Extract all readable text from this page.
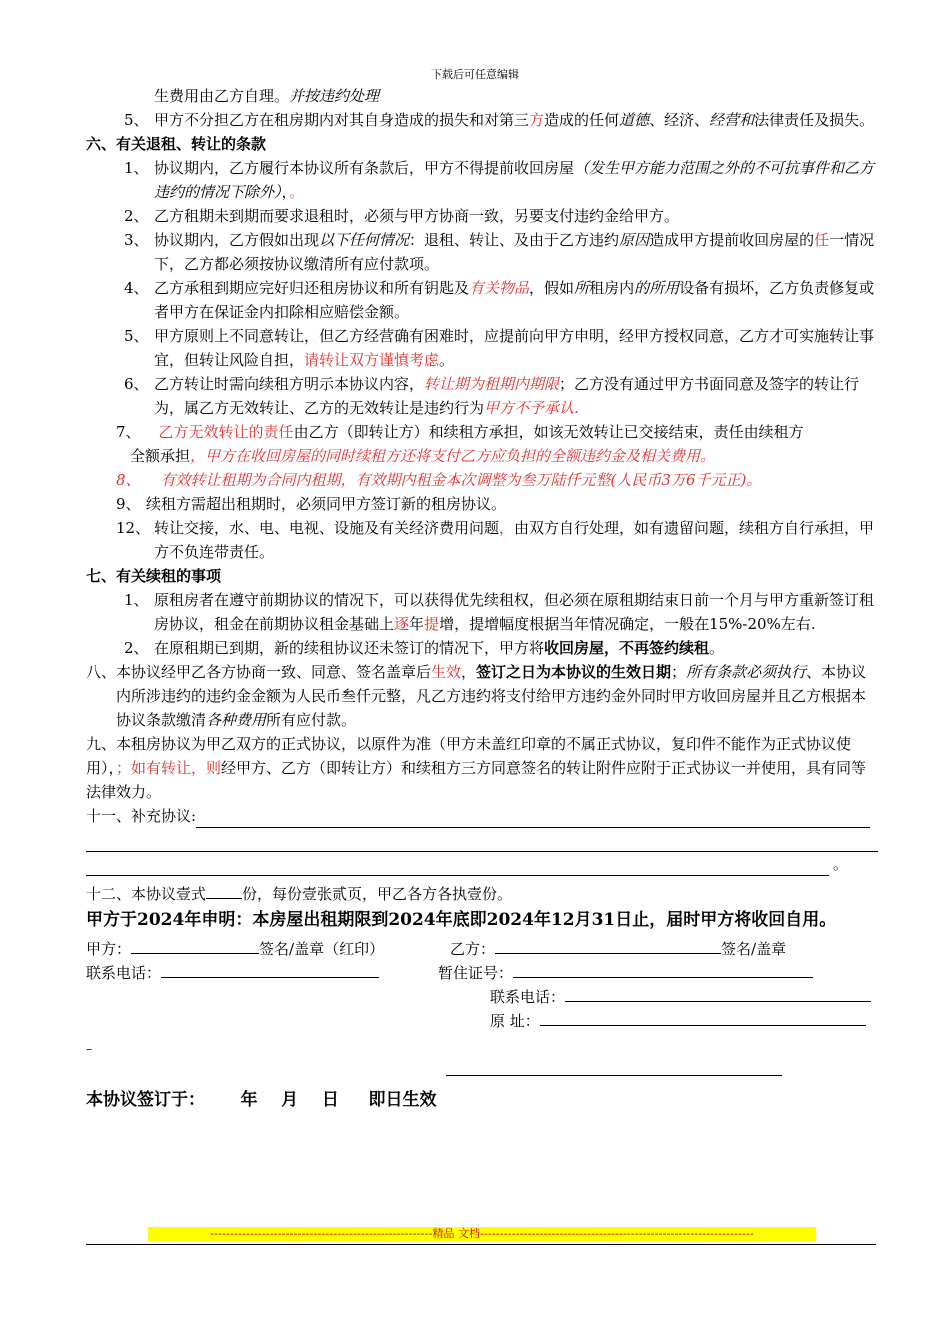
下载后可任意编辑
生费用由乙方自理。并按违约处理
5、 甲方不分担乙方在租房期内对其自身造成的损失和对第三方造成的任何道德、经济、经营和法律责任及损失。
六、有关退租、转让的条款
1、 协议期内，乙方履行本协议所有条款后，甲方不得提前收回房屋（发生甲方能力范围之外的不可抗事件和乙方违约的情况下除外），。
2、 乙方租期未到期而要求退租时，必须与甲方协商一致，另要支付违约金给甲方。
3、 协议期内，乙方假如出现以下任何情况：退租、转让、及由于乙方违约原因造成甲方提前收回房屋的任一情况 下，乙方都必须按协议缴清所有应付款项。
4、 乙方承租到期应完好归还租房协议和所有钥匙及有关物品，假如所租房内的所用设备有损坏，乙方负责修复或者甲方在保证金内扣除相应赔偿金额。
5、 甲方原则上不同意转让，但乙方经营确有困难时，应提前向甲方申明，经甲方授权同意，乙方才可实施转让事宜，但转让风险自担，请转让双方谨慎考虑。
6、 乙方转让时需向续租方明示本协议内容，转让期为租期内期限；乙方没有通过甲方书面同意及签字的转让行为，属乙方无效转让、乙方的无效转让是违约行为甲方不予承认.
7、 乙方无效转让的责任由乙方（即转让方）和续租方承担，如该无效转让已交接结束，责任由续租方
全额承担，甲方在收回房屋的同时续租方还将支付乙方应负担的全额违约金及相关费用。
8、 有效转让租期为合同内租期，有效期内租金本次调整为叁万陆仟元整(人民币3万6千元正)。
9、 续租方需超出租期时，必须同甲方签订新的租房协议。
12、 转让交接，水、电、电视、设施及有关经济费用问题，由双方自行处理，如有遗留问题，续租方自行承担，甲方不负连带责任。
七、有关续租的事项
1、 原租房者在遵守前期协议的情况下，可以获得优先续租权，但必须在原租期结束日前一个月与甲方重新签订租房协议，租金在前期协议租金基础上逐年提增，提增幅度根据当年情况确定，一般在15%-20%左右.
2、 在原租期已到期，新的续租协议还未签订的情况下，甲方将收回房屋，不再签约续租。
八、本协议经甲乙各方协商一致、同意、签名盖章后生效，签订之日为本协议的生效日期；所有条款必须执行、本协议内所涉违约的违约金金额为人民币叁仟元整，凡乙方违约将支付给甲方违约金外同时甲方收回房屋并且乙方根据本协议条款缴清各种费用所有应付款。
九、本租房协议为甲乙双方的正式协议，以原件为准（甲方未盖红印章的不属正式协议，复印件不能作为正式协议使用），；如有转让，则经甲方、乙方（即转让方）和续租方三方同意签名的转让附件应附于正式协议一并使用，具有同等法律效力。
十一、补充协议:
。
十二、本协议壹式 份，每份壹张贰页，甲乙各方各执壹份。
甲方于2024年申明：本房屋出租期限到2024年底即2024年12月31日止，届时甲方将收回自用。
甲方：	签名/盖章（红印）	乙方：	签名/盖章
联系电话：	暂住证号：
联系电话：
原 址：
–
本协议签订于：      年    月    日     即日生效
--------------------------------------------------------精品 文档---------------------------------------------------------------------
